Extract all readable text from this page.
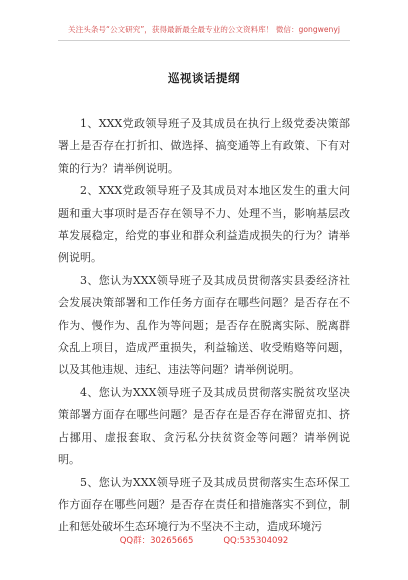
关注头条号“公文研究”，获得最新最全最专业的公文资料库！ 微信：gongwenyj
巡视谈话提纲

1、XXX党政领导班子及其成员在执行上级党委决策部署上是否存在打折扣、做选择、搞变通等上有政策、下有对策的行为？请举例说明。

2、XXX党政领导班子及其成员对本地区发生的重大问题和重大事项时是否存在领导不力、处理不当，影响基层改革发展稳定，给党的事业和群众利益造成损失的行为？请举例说明。

3、您认为XXX领导班子及其成员贯彻落实县委经济社会发展决策部署和工作任务方面存在哪些问题？是否存在不作为、慢作为、乱作为等问题；是否存在脱离实际、脱离群众乱上项目，造成严重损失，利益输送、收受贿赂等问题，以及其他违规、违纪、违法等问题？请举例说明。

4、您认为XXX领导班子及其成员贯彻落实脱贫攻坚决策部署方面存在哪些问题？是否存在是否存在滞留克扣、挤占挪用、虚报套取、贪污私分扶贫资金等问题？请举例说明。

5、您认为XXX领导班子及其成员贯彻落实生态环保工作方面存在哪些问题？是否存在责任和措施落实不到位，制止和惩处破坏生态环境行为不坚决不主动，造成环境污

QQ群：30265665	QQ:535304092
